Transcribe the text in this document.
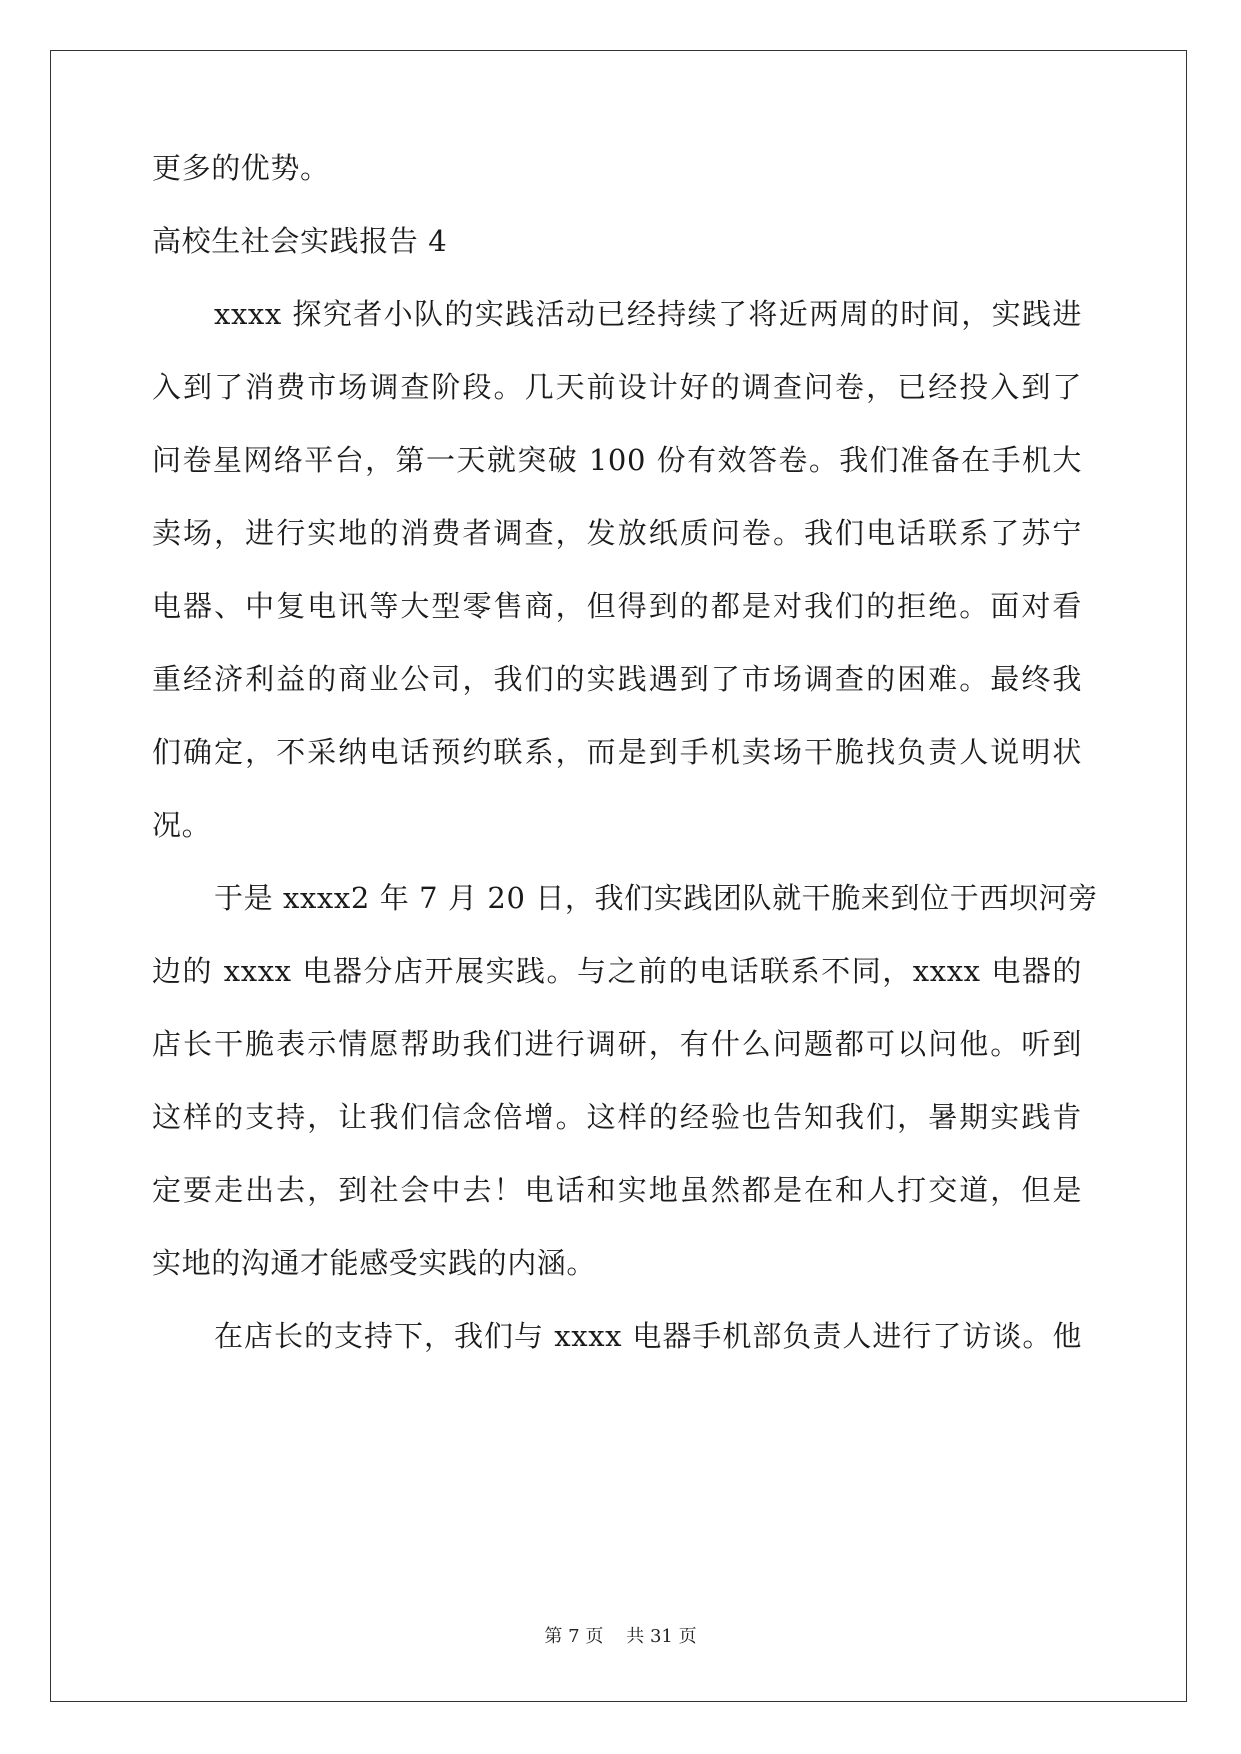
更多的优势。
高校生社会实践报告 4
xxxx 探究者小队的实践活动已经持续了将近两周的时间，实践进
入到了消费市场调查阶段。几天前设计好的调查问卷，已经投入到了
问卷星网络平台，第一天就突破 100 份有效答卷。我们准备在手机大
卖场，进行实地的消费者调查，发放纸质问卷。我们电话联系了苏宁
电器、中复电讯等大型零售商，但得到的都是对我们的拒绝。面对看
重经济利益的商业公司，我们的实践遇到了市场调查的困难。最终我
们确定，不采纳电话预约联系，而是到手机卖场干脆找负责人说明状
况。
于是 xxxx2 年 7 月 20 日，我们实践团队就干脆来到位于西坝河旁
边的 xxxx 电器分店开展实践。与之前的电话联系不同，xxxx 电器的
店长干脆表示情愿帮助我们进行调研，有什么问题都可以问他。听到
这样的支持，让我们信念倍增。这样的经验也告知我们，暑期实践肯
定要走出去，到社会中去！电话和实地虽然都是在和人打交道，但是
实地的沟通才能感受实践的内涵。
在店长的支持下，我们与 xxxx 电器手机部负责人进行了访谈。他
第 7 页 共 31 页
